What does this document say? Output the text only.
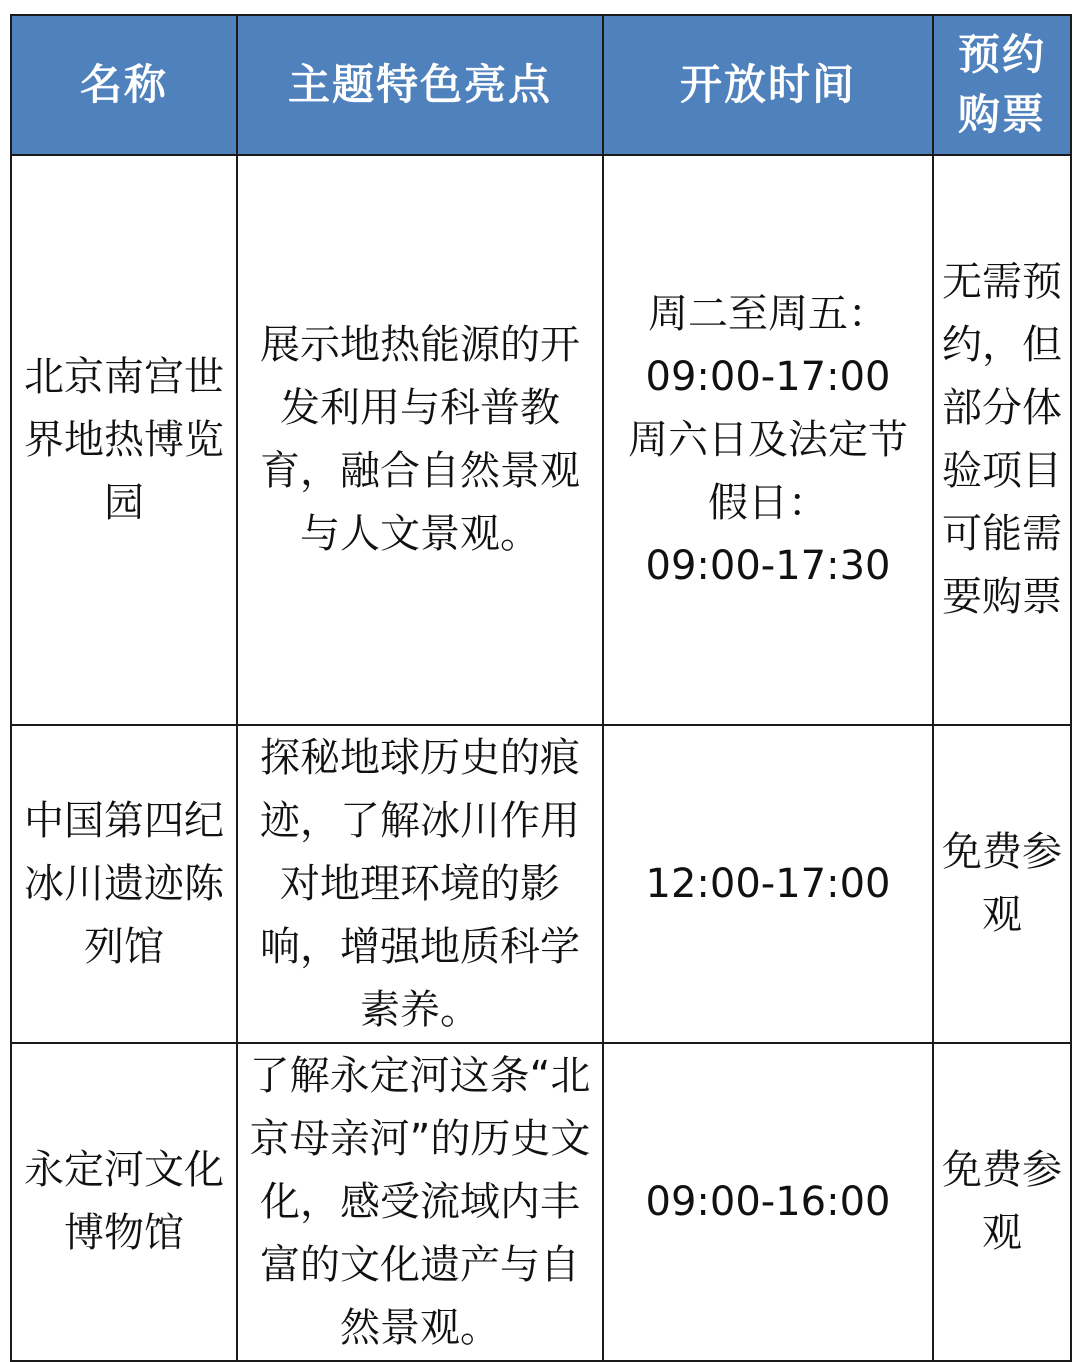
名称	主题特色亮点	开放时间	预约购票

北京南宫世界地热博览园	展示地热能源的开发利用与科普教育，融合自然景观与人文景观。	周二至周五：
09:00-17:00
周六日及法定节假日：
09:00-17:30	无需预约，但部分体验项目可能需要购票

中国第四纪冰川遗迹陈列馆	探秘地球历史的痕迹，了解冰川作用对地理环境的影响，增强地质科学素养。	12:00-17:00	免费参观

永定河文化博物馆	了解永定河这条“北京母亲河”的历史文化，感受流域内丰富的文化遗产与自然景观。	09:00-16:00	免费参观
